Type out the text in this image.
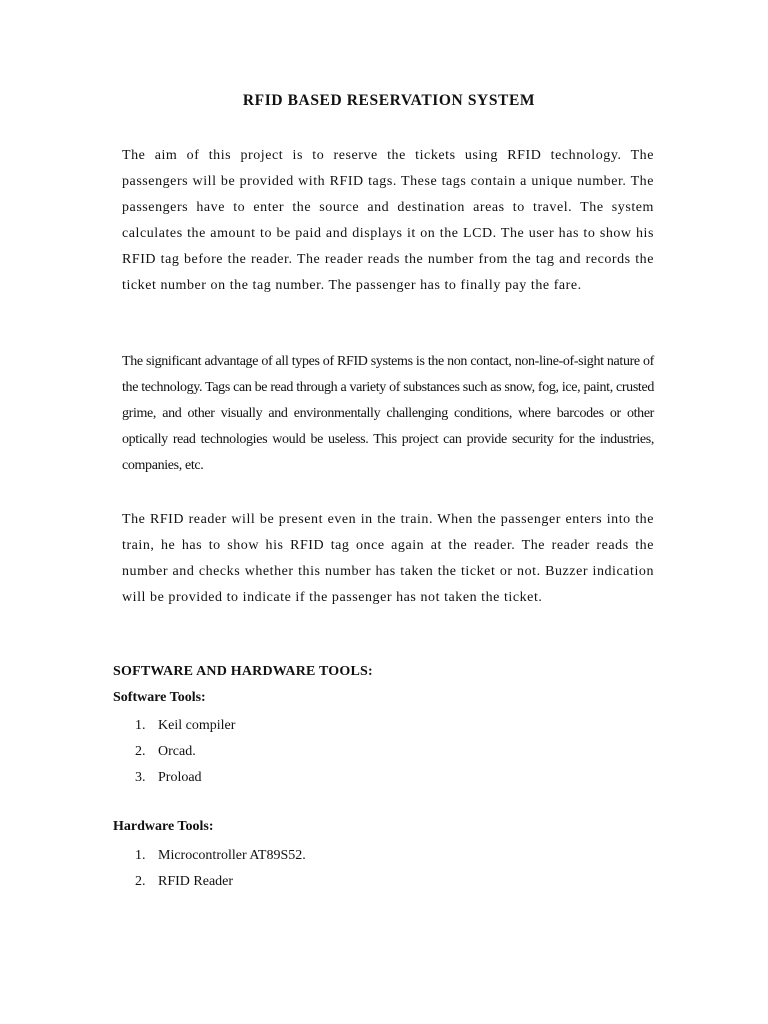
RFID BASED RESERVATION SYSTEM

The aim of this project is to reserve the tickets using RFID technology. The passengers will be provided with RFID tags. These tags contain a unique number. The passengers have to enter the source and destination areas to travel. The system calculates the amount to be paid and displays it on the LCD. The user has to show his RFID tag before the reader. The reader reads the number from the tag and records the ticket number on the tag number. The passenger has to finally pay the fare.

The significant advantage of all types of RFID systems is the non contact, non-line-of-sight nature of the technology. Tags can be read through a variety of substances such as snow, fog, ice, paint, crusted grime, and other visually and environmentally challenging conditions, where barcodes or other optically read technologies would be useless. This project can provide security for the industries, companies, etc.

The RFID reader will be present even in the train. When the passenger enters into the train, he has to show his RFID tag once again at the reader. The reader reads the number and checks whether this number has taken the ticket or not. Buzzer indication will be provided to indicate if the passenger has not taken the ticket.

SOFTWARE AND HARDWARE TOOLS:
Software Tools:
1. Keil compiler
2. Orcad.
3. Proload
Hardware Tools:
1. Microcontroller AT89S52.
2. RFID Reader
